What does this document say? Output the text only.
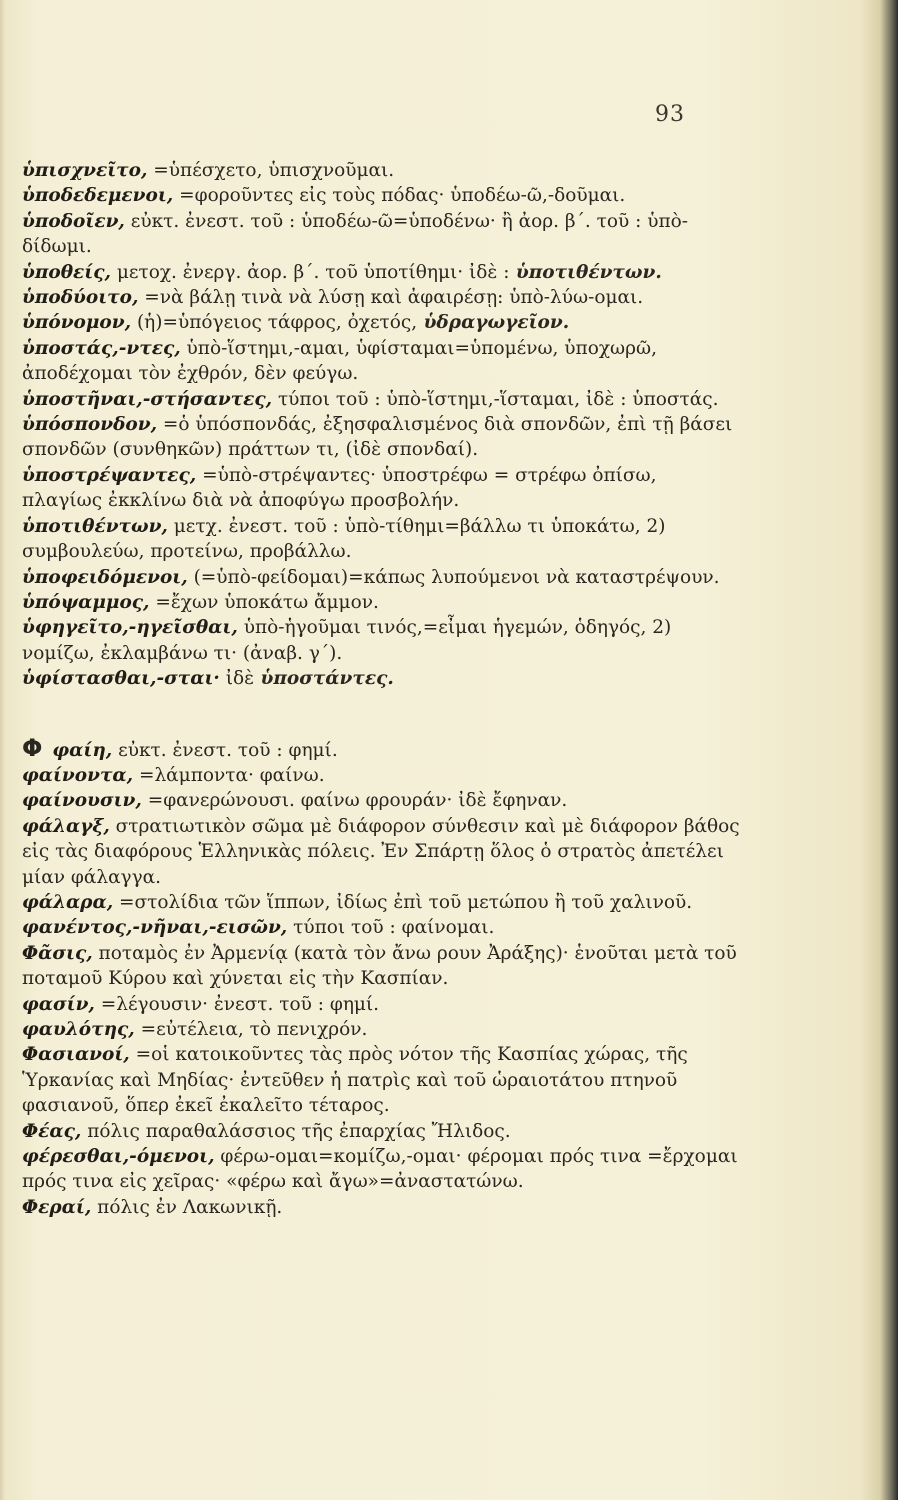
93

ὑπισχνεῖτο, =ὑπέσχετο, ὑπισχνοῦμαι.

ὑποδεδεμενοι, =φοροῦντες εἰς τοὺς πόδας· ὑποδέω-ῶ,-δοῦμαι.

ὑποδοῖεν, εὐκτ. ἐνεστ. τοῦ : ὑποδέω-ῶ=ὑποδένω· ἢ ἀορ. β΄. τοῦ : ὑπὸ-δίδωμι.

ὑποθείς, μετοχ. ἐνεργ. ἀορ. β΄. τοῦ ὑποτίθημι· ἰδὲ : ὑποτιθέντων.

ὑποδύοιτο, =νὰ βάλῃ τινὰ νὰ λύσῃ καὶ ἀφαιρέσῃ: ὑπὸ-λύω-ομαι.

ὑπόνομον, (ἡ)=ὑπόγειος τάφρος, ὀχετός, ὑδραγωγεῖον.

ὑποστάς,-ντες, ὑπὸ-ἵστημι,-αμαι, ὑφίσταμαι=ὑπομένω, ὑποχωρῶ, ἀποδέχομαι τὸν ἐχθρόν, δὲν φεύγω.

ὑποστῆναι,-στήσαντες, τύποι τοῦ : ὑπὸ-ἵστημι,-ἵσταμαι, ἰδὲ : ὑποστάς.

ὑπόσπονδον, =ὁ ὑπόσπονδάς, ἐξησφαλισμένος διὰ σπονδῶν, ἐπὶ τῇ βάσει σπονδῶν (συνθηκῶν) πράττων τι, (ἰδὲ σπονδαί).

ὑποστρέψαντες, =ὑπὸ-στρέψαντες· ὑποστρέφω = στρέφω ὀπίσω, πλαγίως ἐκκλίνω διὰ νὰ ἀποφύγω προσβολήν.

ὑποτιθέντων, μετχ. ἐνεστ. τοῦ : ὑπὸ-τίθημι=βάλλω τι ὑποκάτω, 2) συμβουλεύω, προτείνω, προβάλλω.

ὑποφειδόμενοι, (=ὑπὸ-φείδομαι)=κάπως λυπούμενοι νὰ καταστρέψουν.

ὑπόψαμμος, =ἔχων ὑποκάτω ἄμμον.

ὑφηγεῖτο,-ηγεῖσθαι, ὑπὸ-ἡγοῦμαι τινός,=εἶμαι ἡγεμών, ὁδηγός, 2) νομίζω, ἐκλαμβάνω τι· (ἀναβ. γ΄).

ὑφίστασθαι,-σται· ἰδὲ ὑποστάντες.

Φ φαίη, εὐκτ. ἐνεστ. τοῦ : φημί.

φαίνοντα, =λάμποντα· φαίνω.

φαίνουσιν, =φανερώνουσι. φαίνω φρουράν· ἰδὲ ἔφηναν.

φάλαγξ, στρατιωτικὸν σῶμα μὲ διάφορον σύνθεσιν καὶ μὲ διάφορον βάθος εἰς τὰς διαφόρους Ἑλληνικὰς πόλεις. Ἐν Σπάρτῃ ὅλος ὁ στρατὸς ἀπετέλει μίαν φάλαγγα.

φάλαρα, =στολίδια τῶν ἵππων, ἰδίως ἐπὶ τοῦ μετώπου ἢ τοῦ χαλινοῦ.

φανέντος,-νῆναι,-εισῶν, τύποι τοῦ : φαίνομαι.

Φᾶσις, ποταμὸς ἐν Ἀρμενίᾳ (κατὰ τὸν ἄνω ρουν Ἀράξης)· ἑνοῦται μετὰ τοῦ ποταμοῦ Κύρου καὶ χύνεται εἰς τὴν Κασπίαν.

φασίν, =λέγουσιν· ἐνεστ. τοῦ : φημί.

φαυλότης, =εὐτέλεια, τὸ πενιχρόν.

Φασιανοί, =οἱ κατοικοῦντες τὰς πρὸς νότον τῆς Κασπίας χώρας, τῆς Ὑρκανίας καὶ Μηδίας· ἐντεῦθεν ἡ πατρὶς καὶ τοῦ ὡραιοτάτου πτηνοῦ φασιανοῦ, ὅπερ ἐκεῖ ἐκαλεῖτο τέταρος.

Φέας, πόλις παραθαλάσσιος τῆς ἐπαρχίας Ἤλιδος.

φέρεσθαι,-όμενοι, φέρω-ομαι=κομίζω,-ομαι· φέρομαι πρός τινα =ἔρχομαι πρός τινα εἰς χεῖρας· «φέρω καὶ ἄγω»=ἀναστατώνω.

Φεραί, πόλις ἐν Λακωνικῇ.
